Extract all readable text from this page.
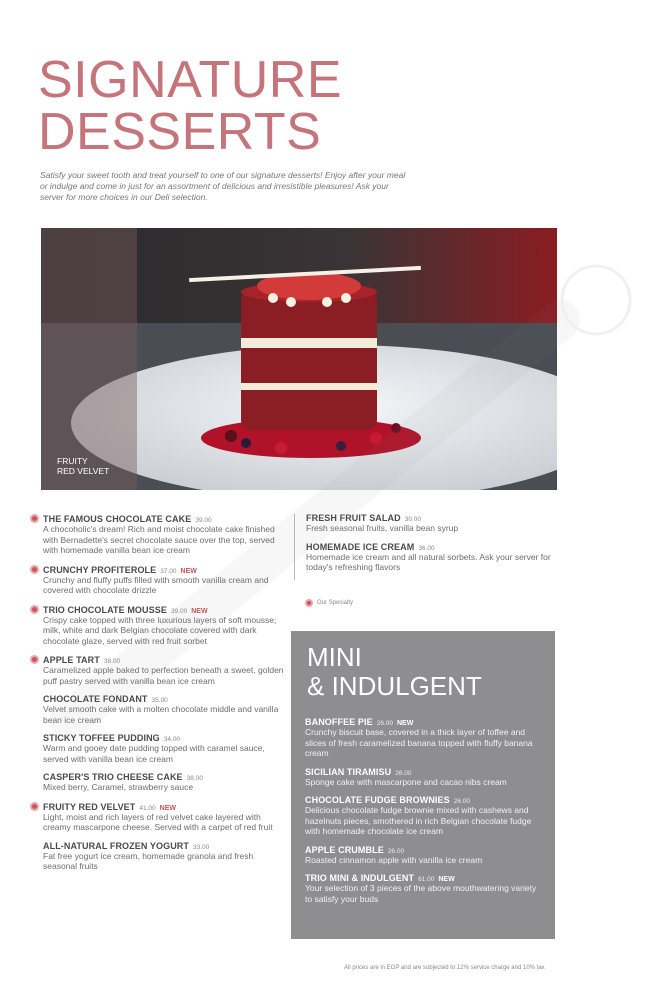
SIGNATURE
DESSERTS
Satisfy your sweet tooth and treat yourself to one of our signature desserts! Enjoy after your meal or indulge and come in just for an assortment of delicious and irresistible pleasures! Ask your server for more choices in our Deli selection.
FRUITY
RED VELVET
THE FAMOUS CHOCOLATE CAKE 39.00
A chocoholic's dream! Rich and moist chocolate cake finished with Bernadette's secret chocolate sauce over the top, served with homemade vanilla bean ice cream
CRUNCHY PROFITEROLE 37.00 NEW
Crunchy and fluffy puffs filled with smooth vanilla cream and covered with chocolate drizzle
TRIO CHOCOLATE MOUSSE 39.00 NEW
Crispy cake topped with three luxurious layers of soft mousse; milk, white and dark Belgian chocolate covered with dark chocolate glaze, served with red fruit sorbet
APPLE TART 38.00
Caramelized apple baked to perfection beneath a sweet, golden puff pastry served with vanilla bean ice cream
CHOCOLATE FONDANT 35.00
Velvet smooth cake with a molten chocolate middle and vanilla bean ice cream
STICKY TOFFEE PUDDING 34.00
Warm and gooey date pudding topped with caramel sauce, served with vanilla bean ice cream
CASPER'S TRIO CHEESE CAKE 38.00
Mixed berry, Caramel, strawberry sauce
FRUITY RED VELVET 41.00 NEW
Light, moist and rich layers of red velvet cake layered with creamy mascarpone cheese. Served with a carpet of red fruit
ALL-NATURAL FROZEN YOGURT 33.00
Fat free yogurt ice cream, homemade granola and fresh seasonal fruits
FRESH FRUIT SALAD 30.00
Fresh seasonal fruits, vanilla bean syrup
HOMEMADE ICE CREAM 36.00
Homemade ice cream and all natural sorbets. Ask your server for today's refreshing flavors
Our Specialty
MINI
& INDULGENT
BANOFFEE PIE 26.00 NEW
Crunchy biscuit base, covered in a thick layer of toffee and slices of fresh caramelized banana topped with fluffy banana cream
SICILIAN TIRAMISU 26.00
Sponge cake with mascarpone and cacao nibs cream
CHOCOLATE FUDGE BROWNIES 26.00
Delicious chocolate fudge brownie mixed with cashews and hazelnuts pieces, smothered in rich Belgian chocolate fudge with homemade chocolate ice cream
APPLE CRUMBLE 26.00
Roasted cinnamon apple with vanilla ice cream
TRIO MINI & INDULGENT 61.00 NEW
Your selection of 3 pieces of the above mouthwatering variety to satisfy your buds
All prices are in EGP and are subjected to 12% service charge and 10% tax
